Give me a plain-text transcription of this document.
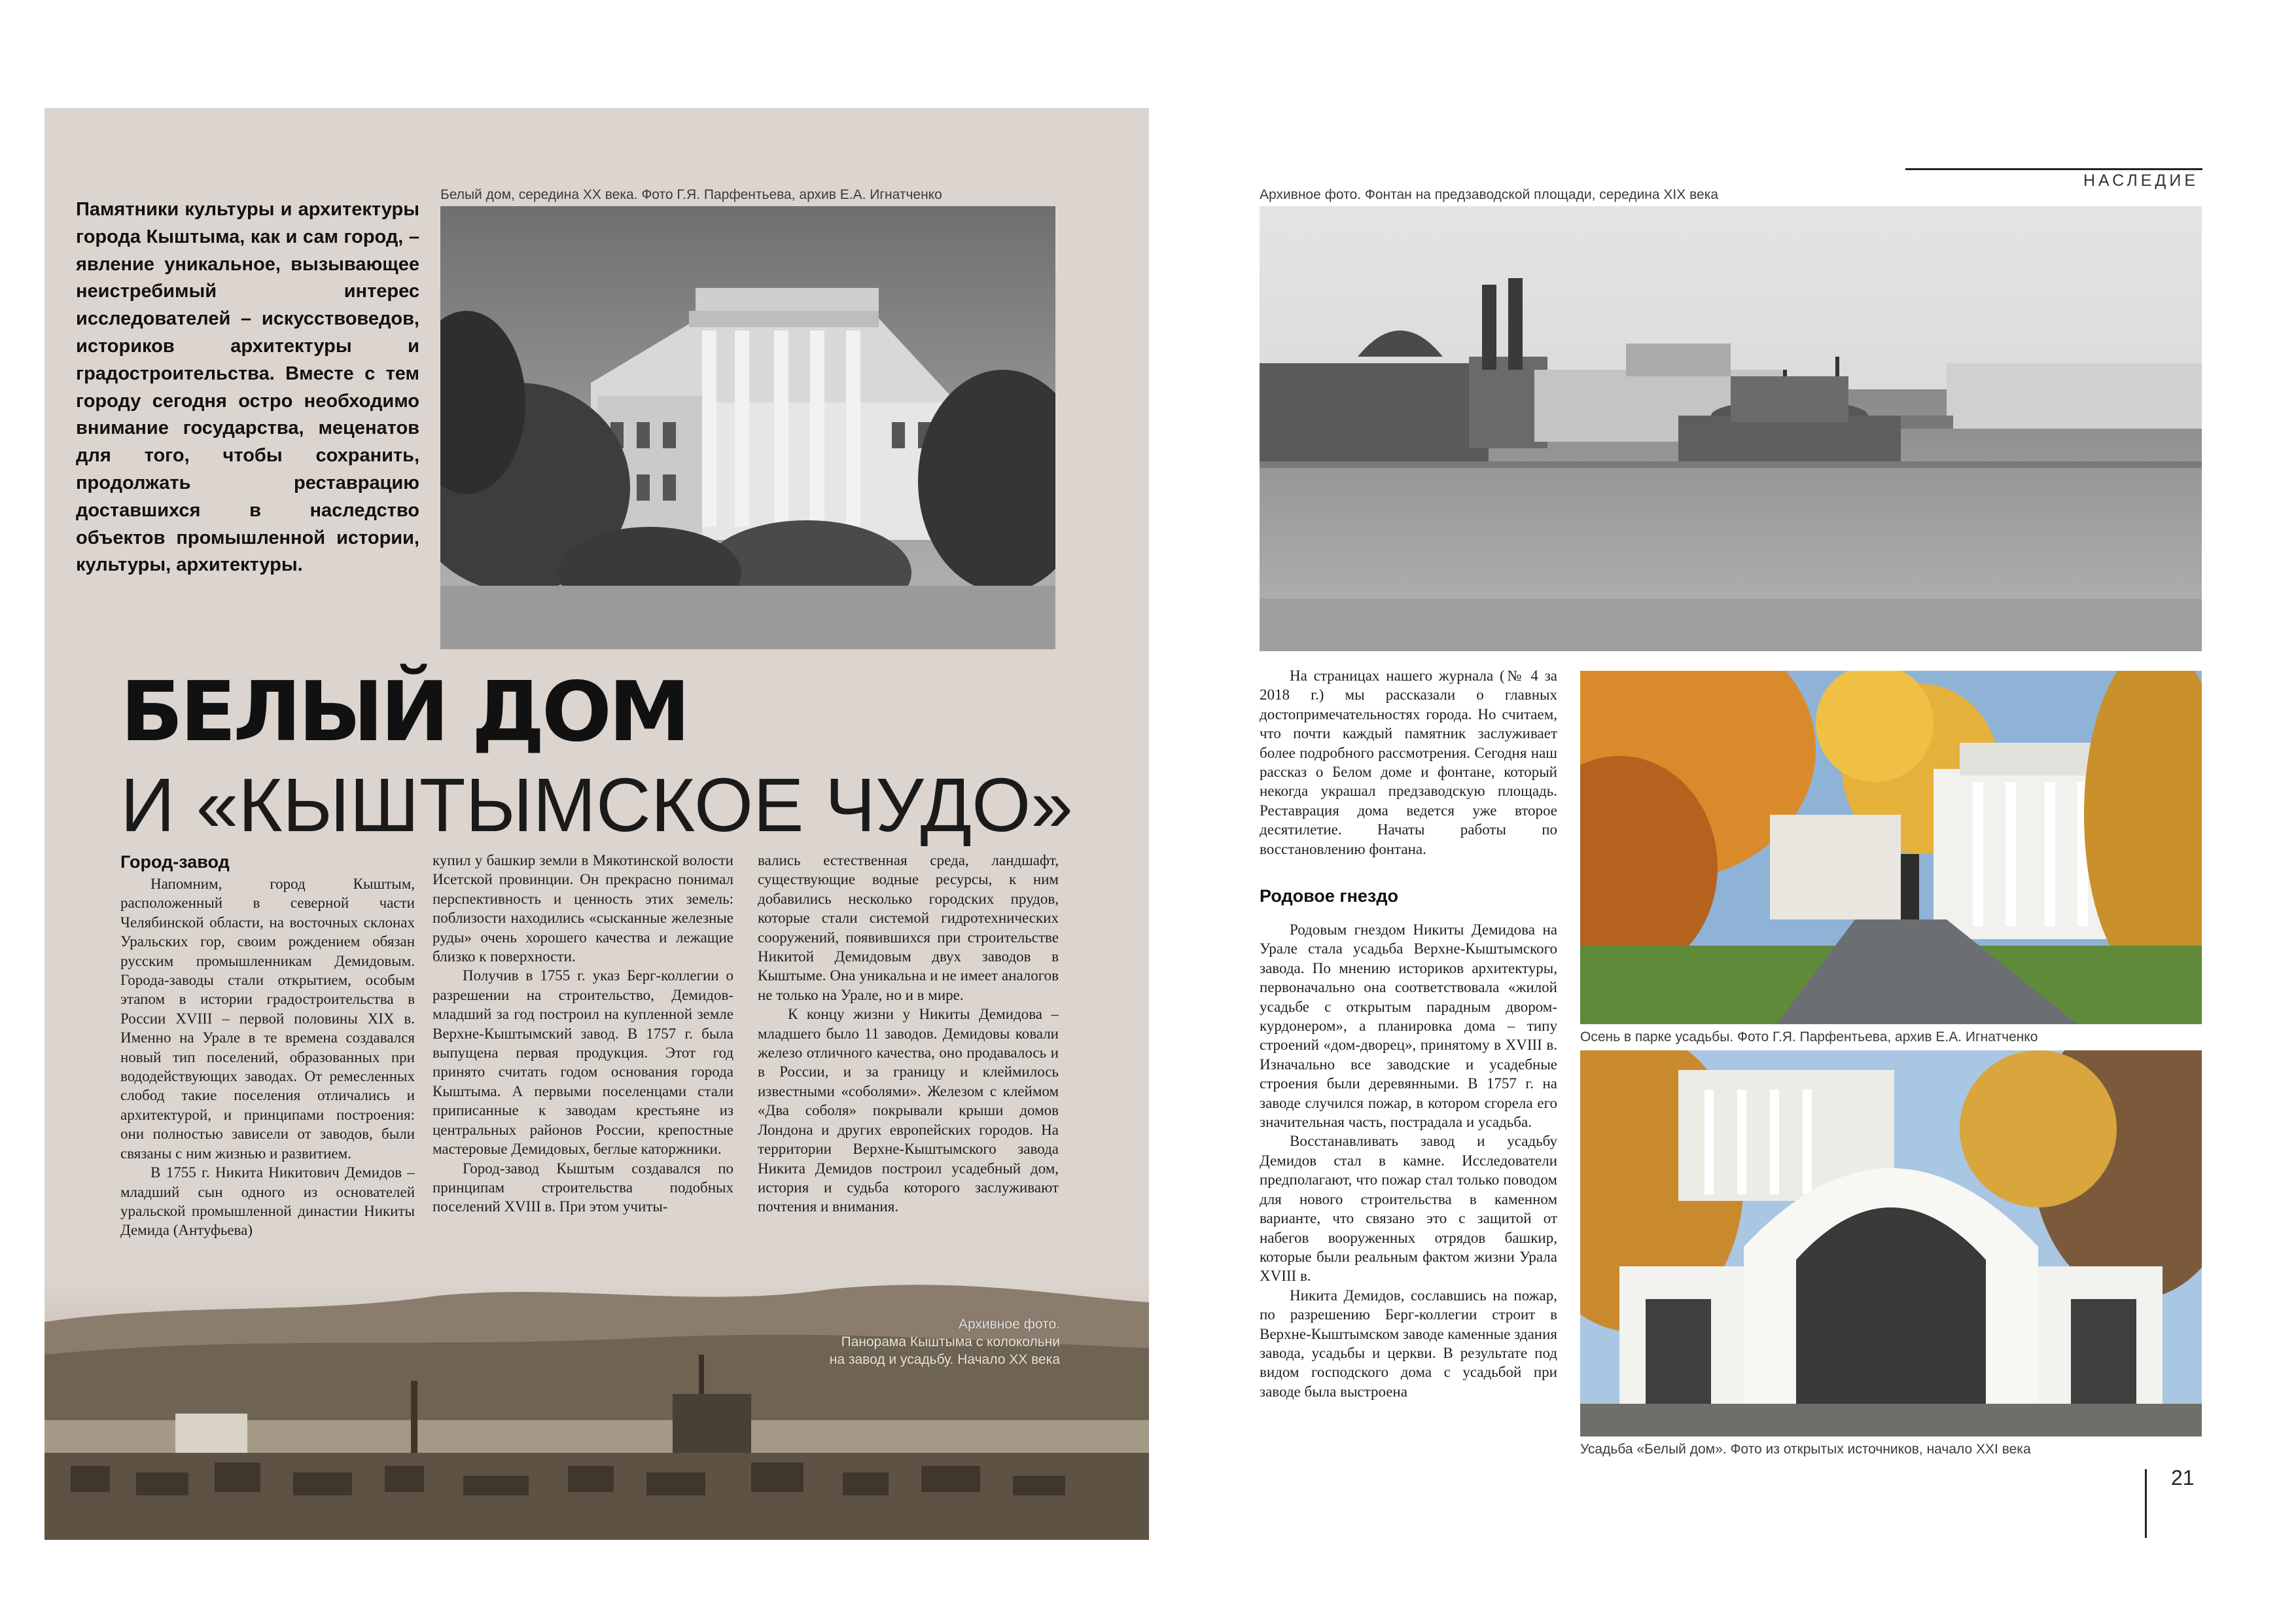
Памятники культуры и архитектуры города Кыштыма, как и сам город, – явление уникальное, вызывающее неистребимый интерес исследователей – искусствоведов, историков архитектуры и градостроительства. Вместе с тем городу сегодня остро необходимо внимание государства, меценатов для того, чтобы сохранить, продолжать реставрацию доставшихся в наследство объектов промышленной истории, культуры, архитектуры.

Белый дом, середина XX века. Фото Г.Я. Парфентьева, архив Е.А. Игнатченко
БЕЛЫЙ ДОМ
И «КЫШТЫМСКОЕ ЧУДО»
Город-завод

Напомним, город Кыштым, расположенный в северной части Челябинской области, на восточных склонах Уральских гор, своим рождением обязан русским промышленникам Демидовым. Города-заводы стали открытием, особым этапом в истории градостроительства в России XVIII – первой половины XIX в. Именно на Урале в те времена создавался новый тип поселений, образованных при вододействующих заводах. От ремесленных слобод такие поселения отличались и архитектурой, и принципами построения: они полностью зависели от заводов, были связаны с ним жизнью и развитием.

В 1755 г. Никита Никитович Демидов – младший сын одного из основателей уральской промышленной династии Никиты Демида (Антуфьева)

купил у башкир земли в Мякотинской волости Исетской провинции. Он прекрасно понимал перспективность и ценность этих земель: поблизости находились «сысканные железные руды» очень хорошего качества и лежащие близко к поверхности.

Получив в 1755 г. указ Берг-коллегии о разрешении на строительство, Демидов-младший за год построил на купленной земле Верхне-Кыштымский завод. В 1757 г. была выпущена первая продукция. Этот год принято считать годом основания города Кыштыма. А первыми поселенцами стали приписанные к заводам крестьяне из центральных районов России, крепостные мастеровые Демидовых, беглые каторжники.

Город-завод Кыштым создавался по принципам строительства подобных поселений XVIII в. При этом учиты-

вались естественная среда, ландшафт, существующие водные ресурсы, к ним добавились несколько городских прудов, которые стали системой гидротехнических сооружений, появившихся при строительстве Никитой Демидовым двух заводов в Кыштыме. Она уникальна и не имеет аналогов не только на Урале, но и в мире.

К концу жизни у Никиты Демидова – младшего было 11 заводов. Демидовы ковали железо отличного качества, оно продавалось и в России, и за границу и клеймилось известными «соболями». Железом с клеймом «Два соболя» покрывали крыши домов Лондона и других европейских городов. На территории Верхне-Кыштымского завода Никита Демидов построил усадебный дом, история и судьба которого заслуживают почтения и внимания.

Архивное фото.
Панорама Кыштыма с колокольни
на завод и усадьбу. Начало XX века
НАСЛЕДИЕ
Архивное фото. Фонтан на предзаводской площади, середина XIX века

На страницах нашего журнала (№ 4 за 2018 г.) мы рассказали о главных достопримечательностях города. Но считаем, что почти каждый памятник заслуживает более подробного рассмотрения. Сегодня наш рассказ о Белом доме и фонтане, который некогда украшал предзаводскую площадь. Реставрация дома ведется уже второе десятилетие. Начаты работы по восстановлению фонтана.

Родовое гнездо

Родовым гнездом Никиты Демидова на Урале стала усадьба Верхне-Кыштымского завода. По мнению историков архитектуры, первоначально она соответствовала «жилой усадьбе с открытым парадным двором-курдонером», а планировка дома – типу строений «дом-дворец», принятому в XVIII в. Изначально все заводские и усадебные строения были деревянными. В 1757 г. на заводе случился пожар, в котором сгорела его значительная часть, пострадала и усадьба.

Восстанавливать завод и усадьбу Демидов стал в камне. Исследователи предполагают, что пожар стал только поводом для нового строительства в каменном варианте, что связано это с защитой от набегов вооруженных отрядов башкир, которые были реальным фактом жизни Урала XVIII в.

Никита Демидов, сославшись на пожар, по разрешению Берг-коллегии строит в Верхне-Кыштымском заводе каменные здания завода, усадьбы и церкви. В результате под видом господского дома с усадьбой при заводе была выстроена

Осень в парке усадьбы. Фото Г.Я. Парфентьева, архив Е.А. Игнатченко
Усадьба «Белый дом». Фото из открытых источников, начало XXI века
21
